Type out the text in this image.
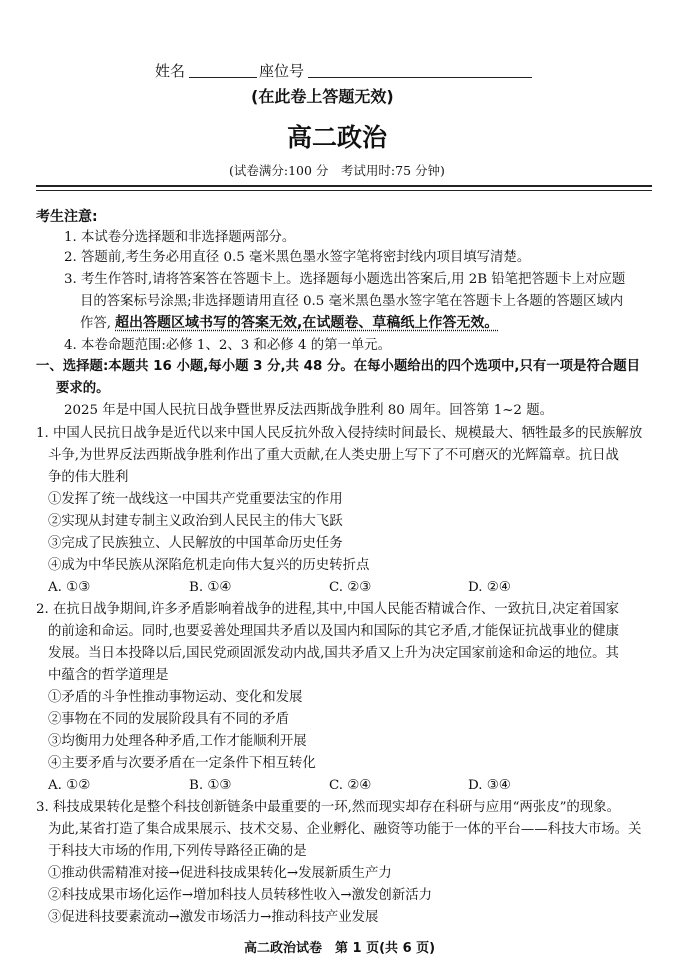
姓名	座位号
(在此卷上答题无效)
高二政治
(试卷满分:100 分　考试用时:75 分钟)
考生注意:
1. 本试卷分选择题和非选择题两部分。
2. 答题前,考生务必用直径 0.5 毫米黑色墨水签字笔将密封线内项目填写清楚。
3. 考生作答时,请将答案答在答题卡上。选择题每小题选出答案后,用 2B 铅笔把答题卡上对应题
目的答案标号涂黑;非选择题请用直径 0.5 毫米黑色墨水签字笔在答题卡上各题的答题区域内
作答, 超出答题区域书写的答案无效,在试题卷、草稿纸上作答无效。
4. 本卷命题范围:必修 1、2、3 和必修 4 的第一单元。
一、选择题:本题共 16 小题,每小题 3 分,共 48 分。在每小题给出的四个选项中,只有一项是符合题目
要求的。
2025 年是中国人民抗日战争暨世界反法西斯战争胜利 80 周年。回答第 1~2 题。
1. 中国人民抗日战争是近代以来中国人民反抗外敌入侵持续时间最长、规模最大、牺牲最多的民族解放
斗争,为世界反法西斯战争胜利作出了重大贡献,在人类史册上写下了不可磨灭的光辉篇章。抗日战
争的伟大胜利
①发挥了统一战线这一中国共产党重要法宝的作用
②实现从封建专制主义政治到人民民主的伟大飞跃
③完成了民族独立、人民解放的中国革命历史任务
④成为中华民族从深陷危机走向伟大复兴的历史转折点
A. ①③	B. ①④	C. ②③	D. ②④
2. 在抗日战争期间,许多矛盾影响着战争的进程,其中,中国人民能否精诚合作、一致抗日,决定着国家
的前途和命运。同时,也要妥善处理国共矛盾以及国内和国际的其它矛盾,才能保证抗战事业的健康
发展。当日本投降以后,国民党顽固派发动内战,国共矛盾又上升为决定国家前途和命运的地位。其
中蕴含的哲学道理是
①矛盾的斗争性推动事物运动、变化和发展
②事物在不同的发展阶段具有不同的矛盾
③均衡用力处理各种矛盾,工作才能顺利开展
④主要矛盾与次要矛盾在一定条件下相互转化
A. ①②	B. ①③	C. ②④	D. ③④
3. 科技成果转化是整个科技创新链条中最重要的一环,然而现实却存在科研与应用“两张皮”的现象。
为此,某省打造了集合成果展示、技术交易、企业孵化、融资等功能于一体的平台——科技大市场。关
于科技大市场的作用,下列传导路径正确的是
①推动供需精准对接→促进科技成果转化→发展新质生产力
②科技成果市场化运作→增加科技人员转移性收入→激发创新活力
③促进科技要素流动→激发市场活力→推动科技产业发展
高二政治试卷　第 1 页(共 6 页)
